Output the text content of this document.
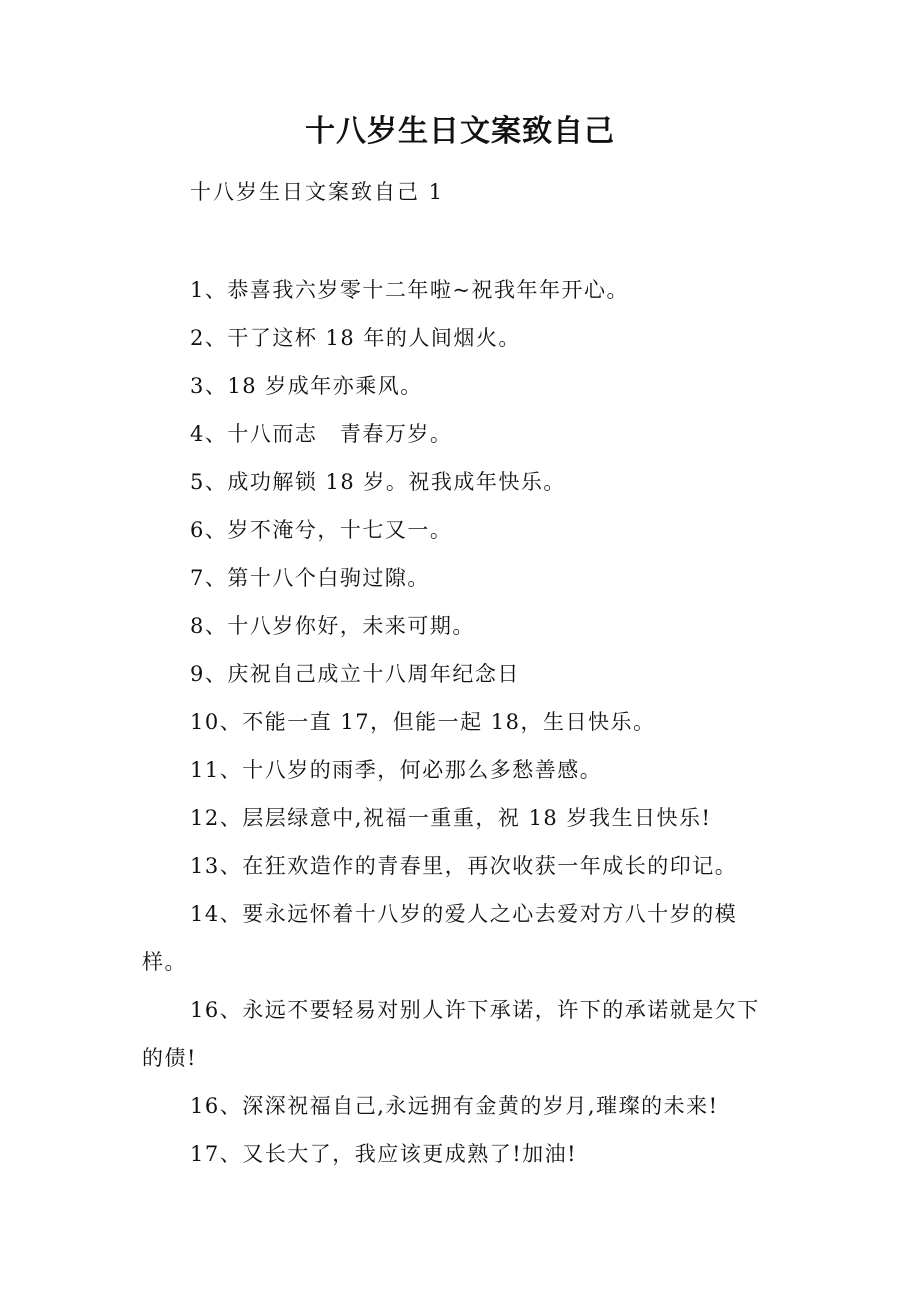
十八岁生日文案致自己

十八岁生日文案致自己 1

1、恭喜我六岁零十二年啦~祝我年年开心。
2、干了这杯 18 年的人间烟火。
3、18 岁成年亦乘风。
4、十八而志　青春万岁。
5、成功解锁 18 岁。祝我成年快乐。
6、岁不淹兮，十七又一。
7、第十八个白驹过隙。
8、十八岁你好，未来可期。
9、庆祝自己成立十八周年纪念日
10、不能一直 17，但能一起 18，生日快乐。
11、十八岁的雨季，何必那么多愁善感。
12、层层绿意中,祝福一重重，祝 18 岁我生日快乐!
13、在狂欢造作的青春里，再次收获一年成长的印记。
14、要永远怀着十八岁的爱人之心去爱对方八十岁的模样。
16、永远不要轻易对别人许下承诺，许下的承诺就是欠下的债!
16、深深祝福自己,永远拥有金黄的岁月,璀璨的未来!
17、又长大了，我应该更成熟了!加油!
